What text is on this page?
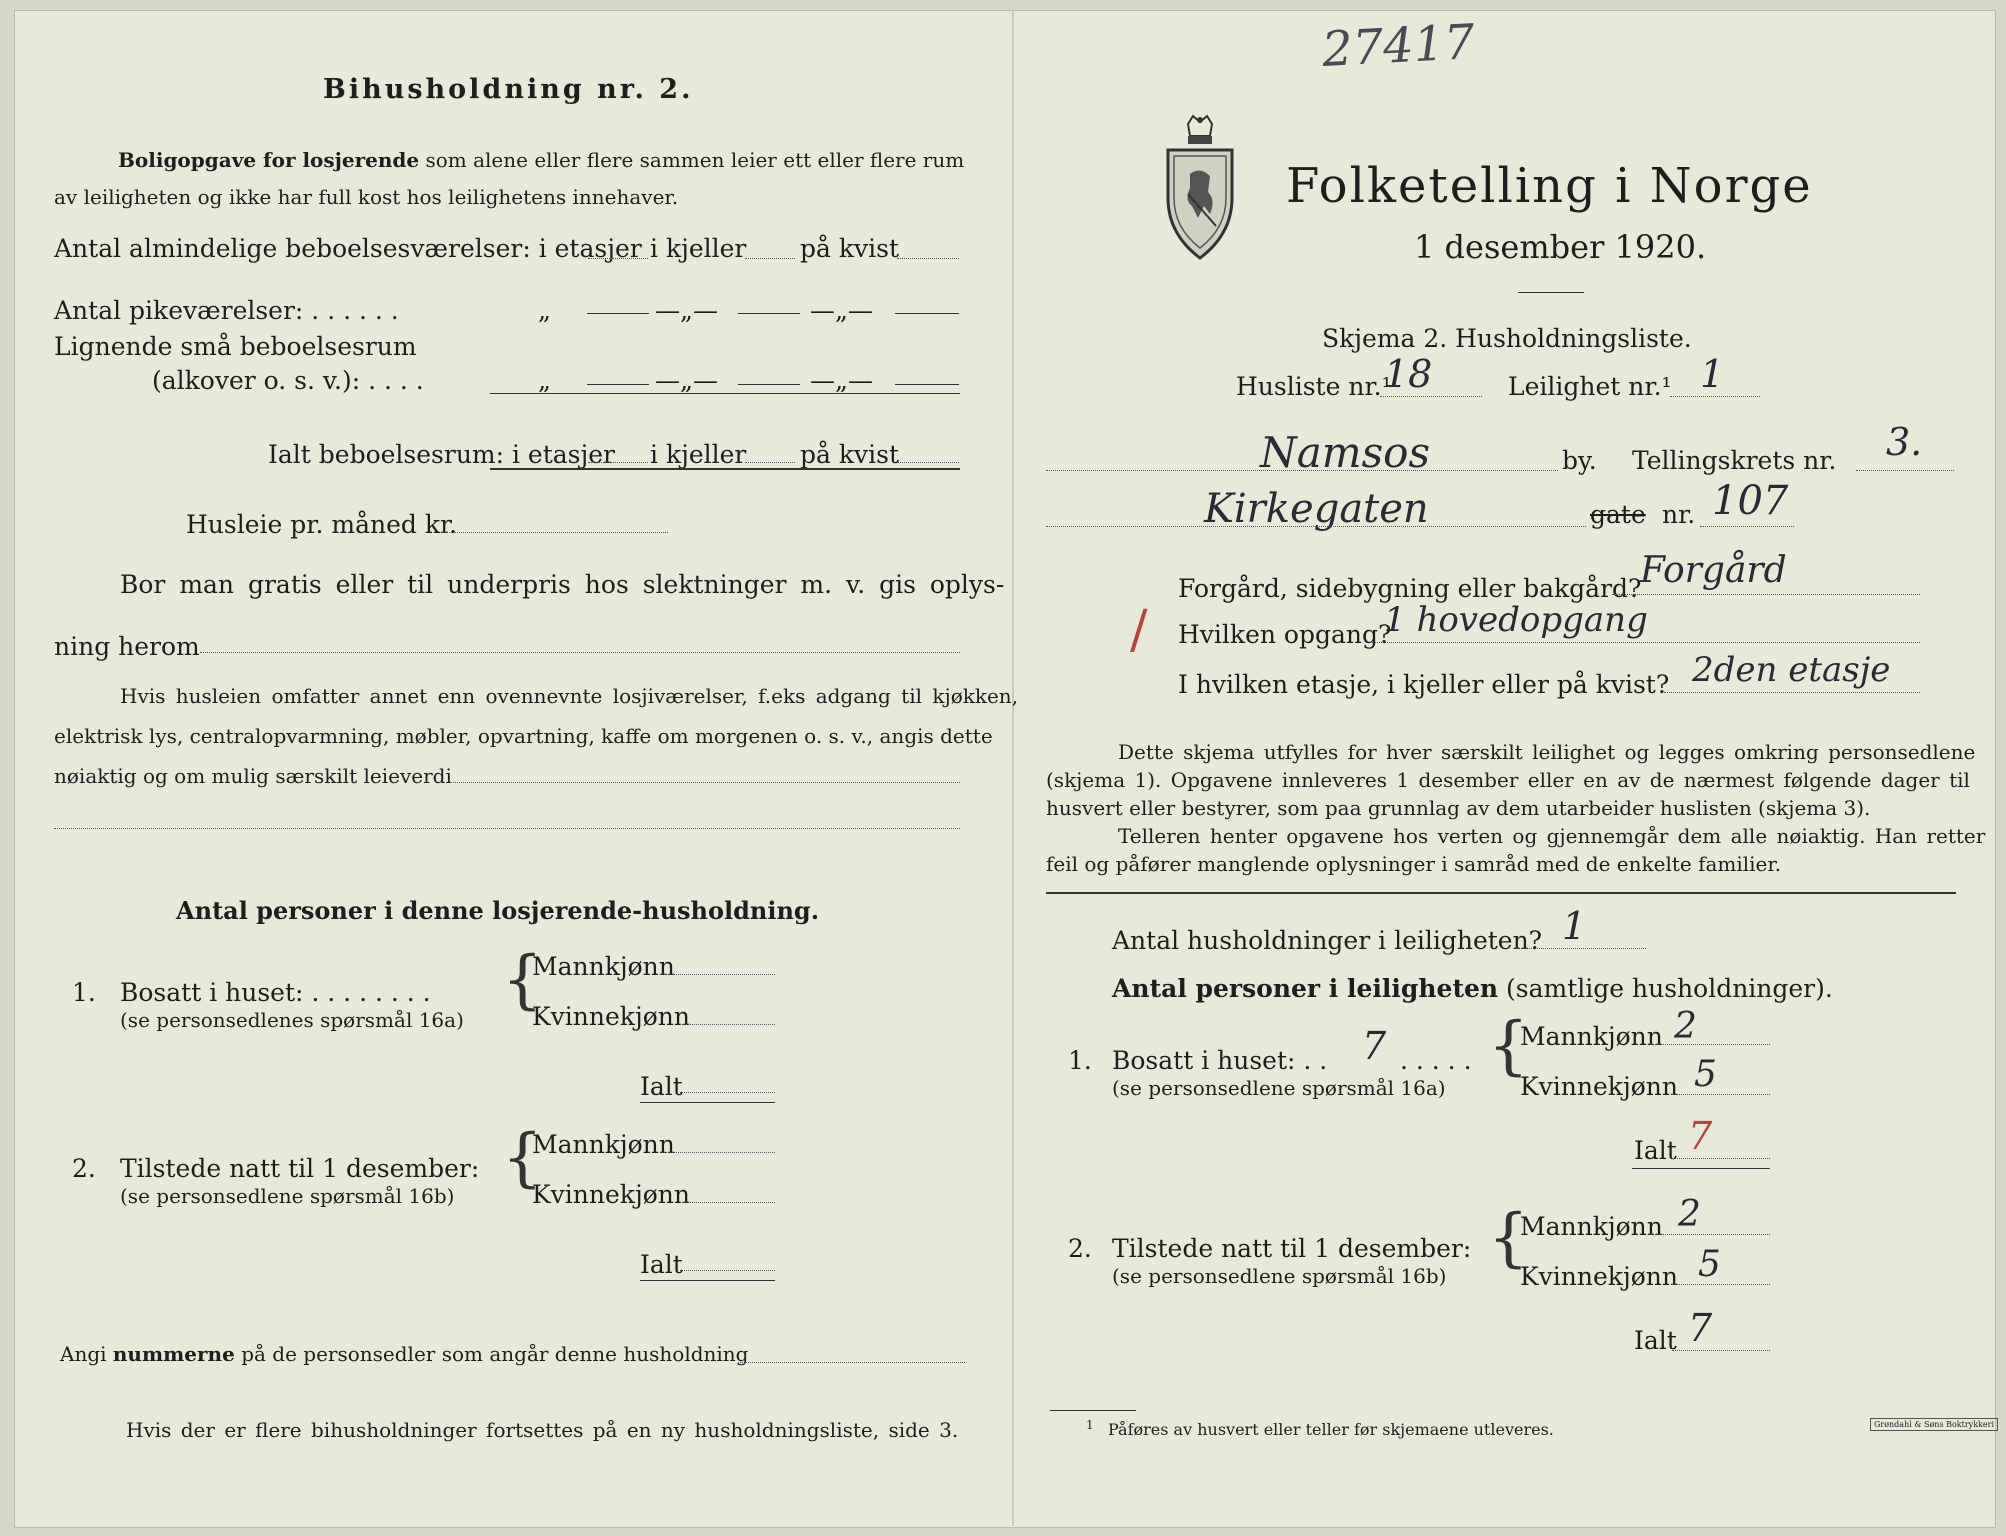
Bihusholdning nr. 2.
Boligopgave for losjerende som alene eller flere sammen leier ett eller flere rum
av leiligheten og ikke har full kost hos leilighetens innehaver.
Antal almindelige beboelsesværelser: i etasjer i kjeller på kvist
Antal pikeværelser: . . . . . .	„	—„—	—„—
Lignende små beboelsesrum
(alkover o. s. v.): . . . .	„	—„—	—„—
Ialt beboelsesrum: i etasjer i kjeller på kvist
Husleie pr. måned kr.
Bor man gratis eller til underpris hos slektninger m. v. gis oplys-
ning herom
Hvis husleien omfatter annet enn ovennevnte losjiværelser, f.eks adgang til kjøkken,
elektrisk lys, centralopvarmning, møbler, opvartning, kaffe om morgenen o. s. v., angis dette
nøiaktig og om mulig særskilt leieverdi
Antal personer i denne losjerende-husholdning.
1. Bosatt i huset: . . . . . . . .
(se personsedlenes spørsmål 16a)
{
Mannkjønn
Kvinnekjønn
Ialt
2. Tilstede natt til 1 desember:
(se personsedlene spørsmål 16b)
{
Mannkjønn
Kvinnekjønn
Ialt
Angi nummerne på de personsedler som angår denne husholdning
Hvis der er flere bihusholdninger fortsettes på en ny husholdningsliste, side 3.
27417
Folketelling i Norge
1 desember 1920.
Skjema 2. Husholdningsliste.
Husliste nr.¹
18	Leilighet nr.¹ 1
Namsos	by. Tellingskrets nr. 3.
Kirkegaten	gate nr. 107
Forgård, sidebygning eller bakgård?
Forgård
/ Hvilken opgang?
1 hovedopgang
I hvilken etasje, i kjeller eller på kvist? 2den etasje
Dette skjema utfylles for hver særskilt leilighet og legges omkring personsedlene
(skjema 1). Opgavene innleveres 1 desember eller en av de nærmest følgende dager til
husvert eller bestyrer, som paa grunnlag av dem utarbeider huslisten (skjema 3).
Telleren henter opgavene hos verten og gjennemgår dem alle nøiaktig. Han retter
feil og påfører manglende oplysninger i samråd med de enkelte familier.
Antal husholdninger i leiligheten? 1
Antal personer i leiligheten (samtlige husholdninger).
1. Bosatt i huset: . . 7 . . . . .
(se personsedlene spørsmål 16a)
{
Mannkjønn 2
Kvinnekjønn 5
Ialt 7
2. Tilstede natt til 1 desember:
(se personsedlene spørsmål 16b)
{
Mannkjønn 2
Kvinnekjønn 5
Ialt 7
1 Påføres av husvert eller teller før skjemaene utleveres.	Grøndahl & Søns Boktrykkeri
